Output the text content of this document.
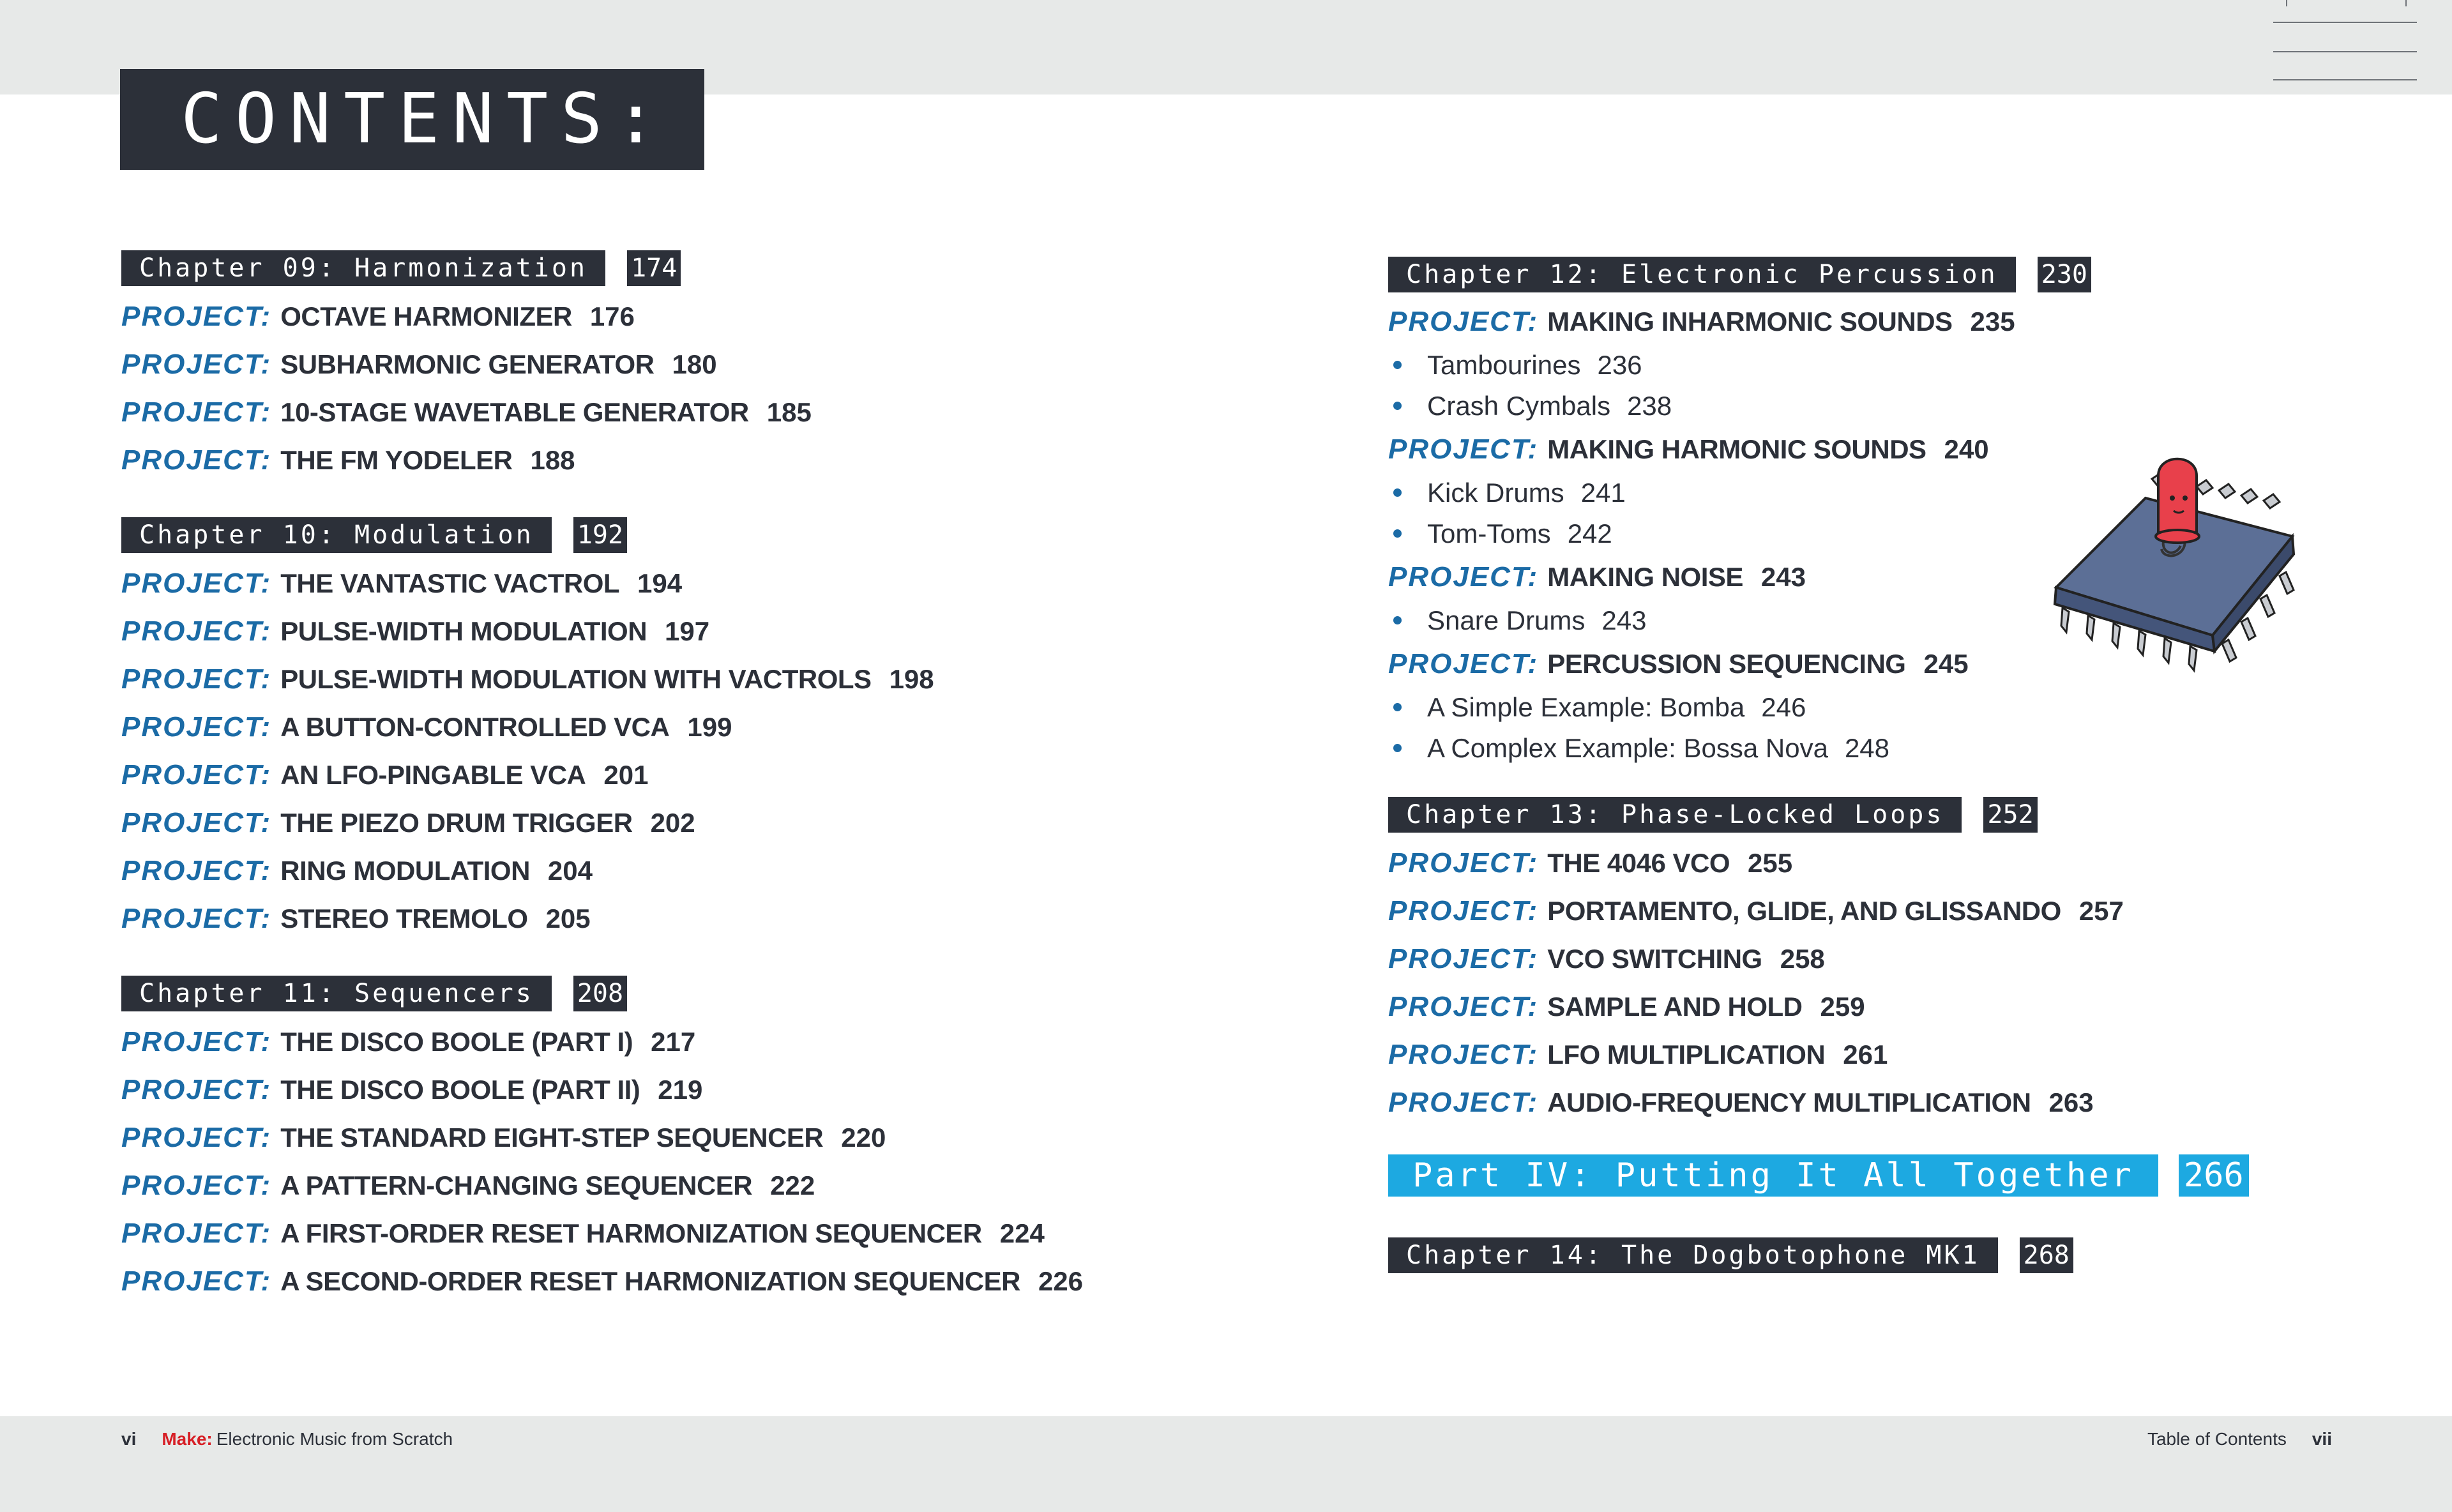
CONTENTS:
Chapter 09: Harmonization	174
PROJECT: OCTAVE HARMONIZER 176
PROJECT: SUBHARMONIC GENERATOR 180
PROJECT: 10-STAGE WAVETABLE GENERATOR 185
PROJECT: THE FM YODELER 188
Chapter 10: Modulation	192
PROJECT: THE VANTASTIC VACTROL 194
PROJECT: PULSE-WIDTH MODULATION 197
PROJECT: PULSE-WIDTH MODULATION WITH VACTROLS 198
PROJECT: A BUTTON-CONTROLLED VCA 199
PROJECT: AN LFO-PINGABLE VCA 201
PROJECT: THE PIEZO DRUM TRIGGER 202
PROJECT: RING MODULATION 204
PROJECT: STEREO TREMOLO 205
Chapter 11: Sequencers	208
PROJECT: THE DISCO BOOLE (PART I) 217
PROJECT: THE DISCO BOOLE (PART II) 219
PROJECT: THE STANDARD EIGHT-STEP SEQUENCER 220
PROJECT: A PATTERN-CHANGING SEQUENCER 222
PROJECT: A FIRST-ORDER RESET HARMONIZATION SEQUENCER 224
PROJECT: A SECOND-ORDER RESET HARMONIZATION SEQUENCER 226
Chapter 12: Electronic Percussion	230
PROJECT: MAKING INHARMONIC SOUNDS 235
Tambourines 236
Crash Cymbals 238
PROJECT: MAKING HARMONIC SOUNDS 240
Kick Drums 241
Tom-Toms 242
PROJECT: MAKING NOISE 243
Snare Drums 243
PROJECT: PERCUSSION SEQUENCING 245
A Simple Example: Bomba 246
A Complex Example: Bossa Nova 248
Chapter 13: Phase-Locked Loops	252
PROJECT: THE 4046 VCO 255
PROJECT: PORTAMENTO, GLIDE, AND GLISSANDO 257
PROJECT: VCO SWITCHING 258
PROJECT: SAMPLE AND HOLD 259
PROJECT: LFO MULTIPLICATION 261
PROJECT: AUDIO-FREQUENCY MULTIPLICATION 263
Part IV: Putting It All Together	266
Chapter 14: The Dogbotophone MK1	268
vi Make: Electronic Music from Scratch	Table of Contents vii
